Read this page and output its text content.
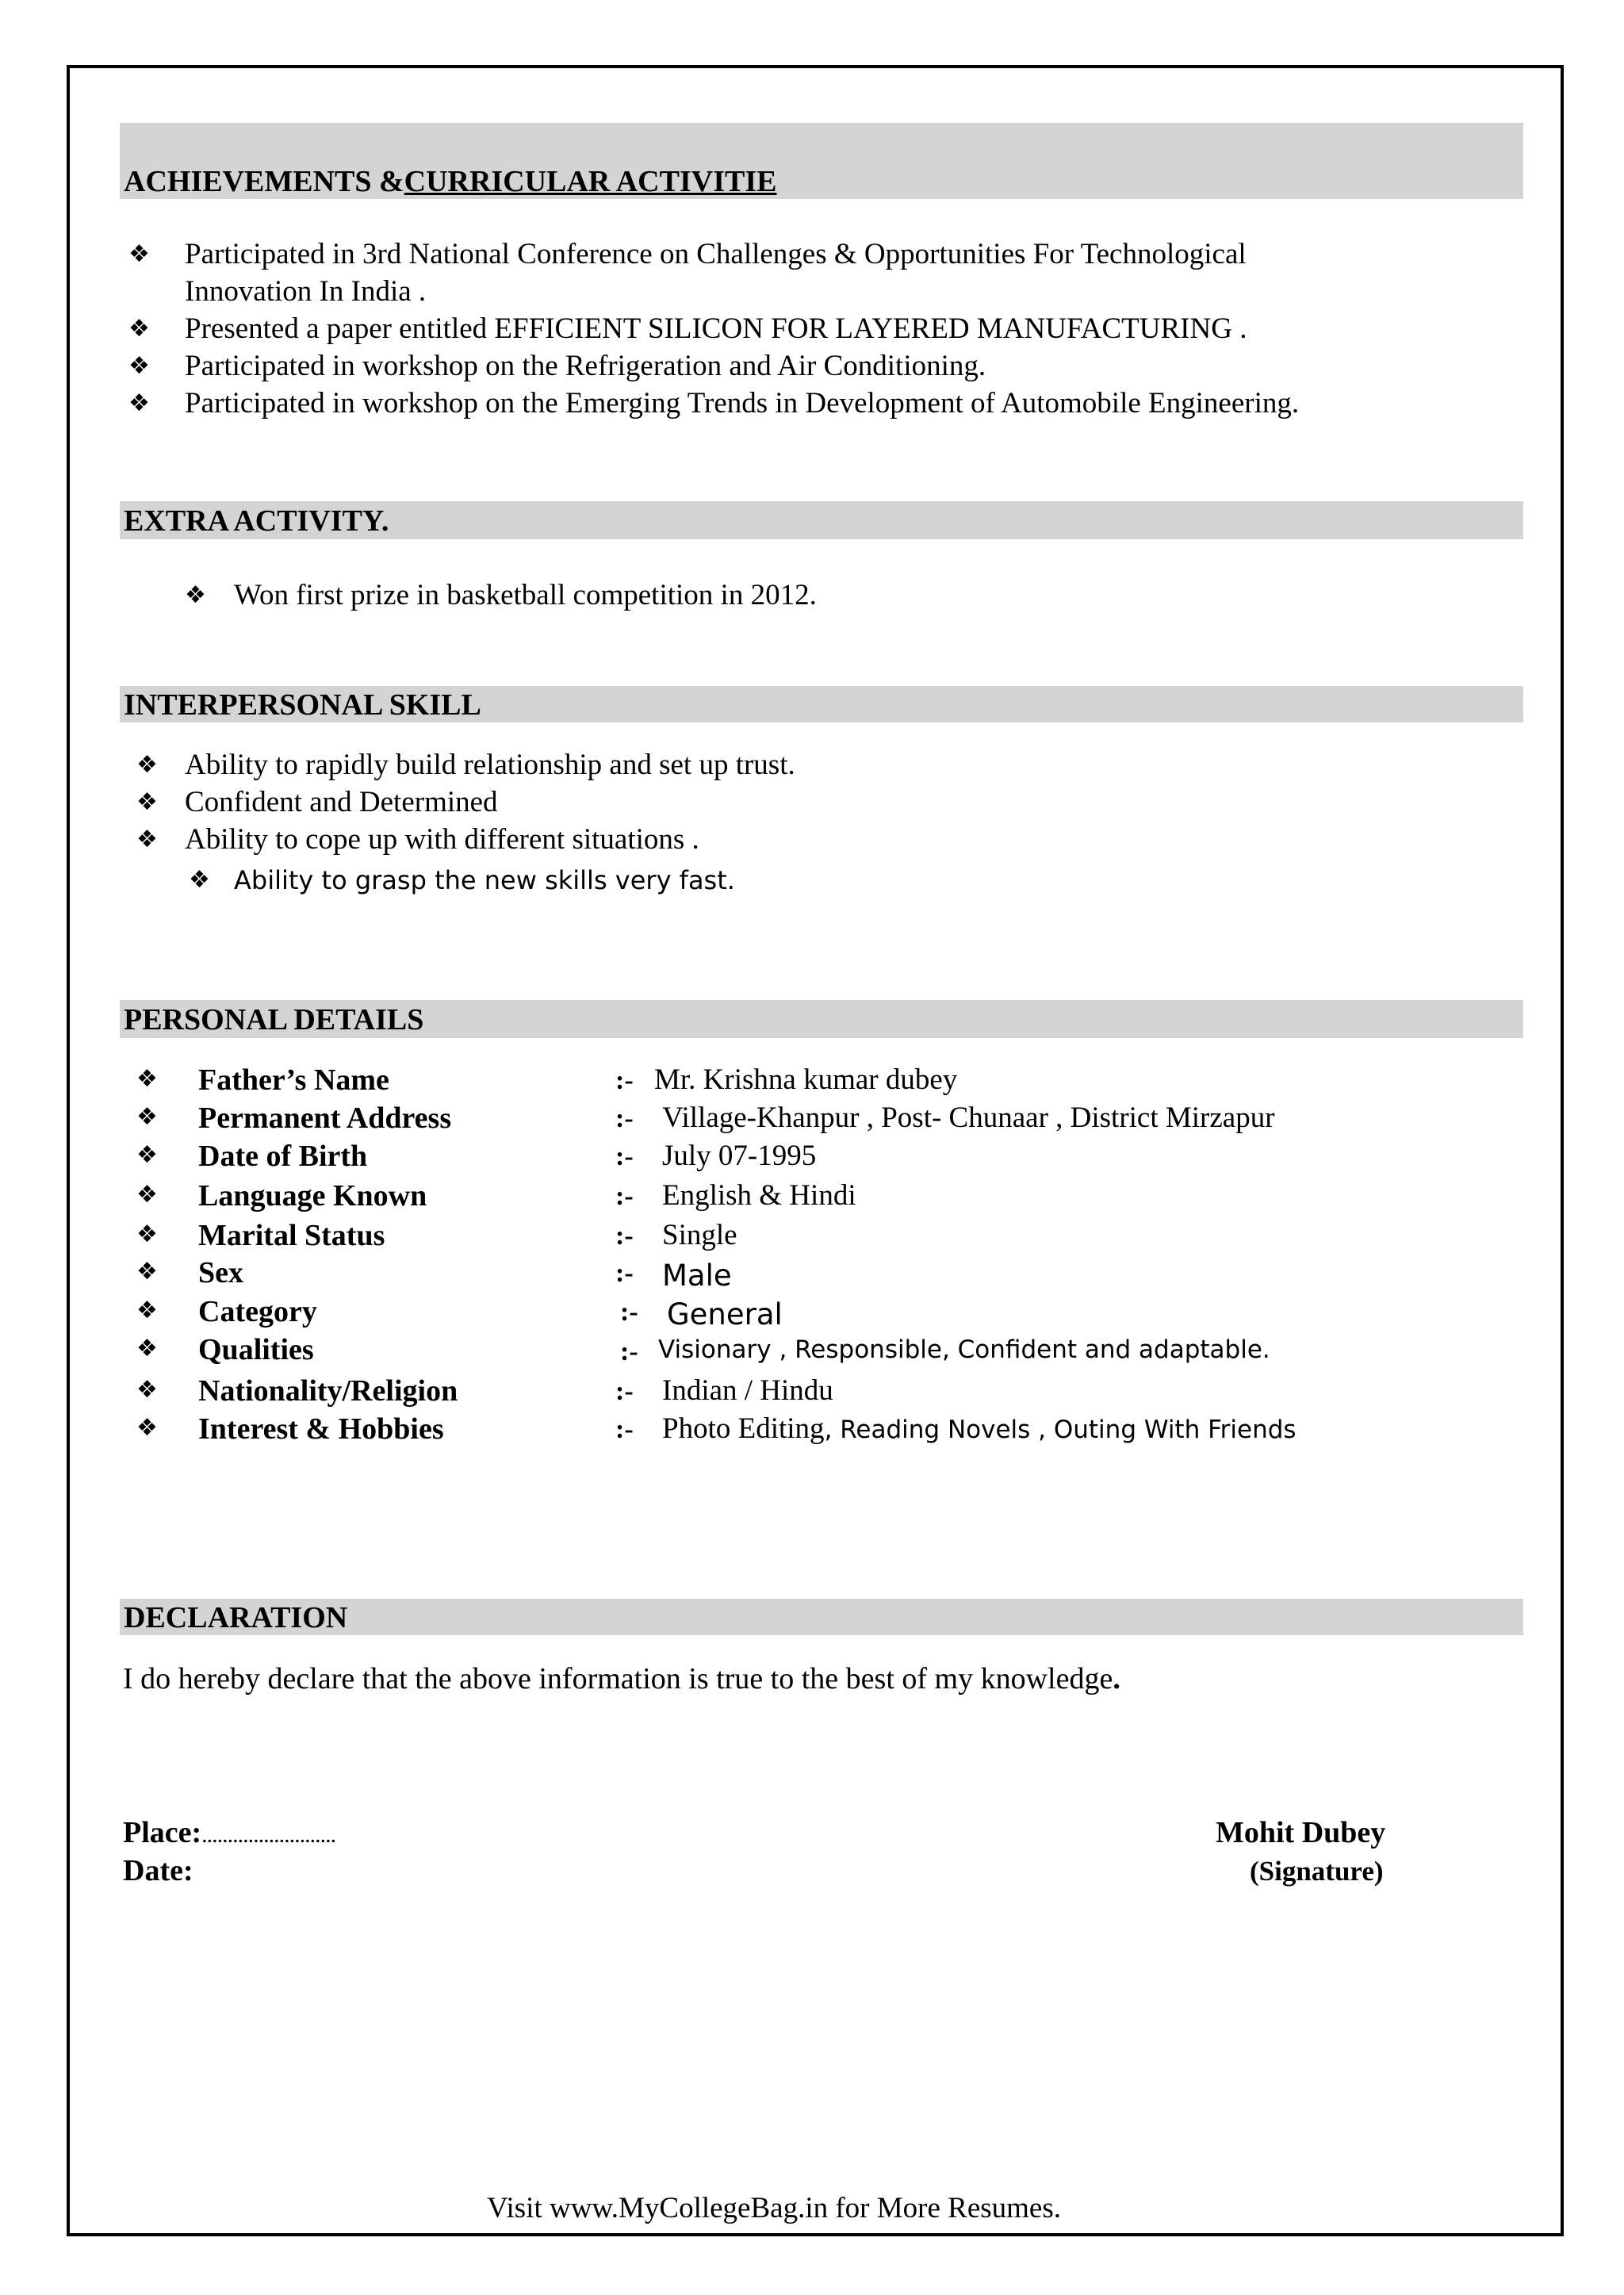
ACHIEVEMENTS &CURRICULAR ACTIVITIE
❖ Participated in 3rd National Conference on Challenges & Opportunities For Technological
Innovation In India .
❖ Presented a paper entitled EFFICIENT SILICON FOR LAYERED MANUFACTURING .
❖ Participated in workshop on the Refrigeration and Air Conditioning.
❖ Participated in workshop on the Emerging Trends in Development of Automobile Engineering.
EXTRA ACTIVITY.
❖ Won first prize in basketball competition in 2012.
INTERPERSONAL SKILL
❖ Ability to rapidly build relationship and set up trust.
❖ Confident and Determined
❖ Ability to cope up with different situations .
❖ Ability to grasp the new skills very fast.
PERSONAL DETAILS
❖ Father’s Name	:- Mr. Krishna kumar dubey
❖ Permanent Address	:- Village-Khanpur , Post- Chunaar , District Mirzapur
❖ Date of Birth	:- July 07-1995
❖ Language Known	:- English & Hindi
❖ Marital Status	:- Single
❖ Sex	:- Male
❖ Category	:- General
❖ Qualities	:- Visionary , Responsible, Confident and adaptable.
❖ Nationality/Religion	:- Indian / Hindu
❖ Interest & Hobbies	:- Photo Editing, Reading Novels , Outing With Friends
DECLARATION
I do hereby declare that the above information is true to the best of my knowledge.
Place:..........................
Date:
Mohit Dubey
(Signature)
Visit www.MyCollegeBag.in for More Resumes.
